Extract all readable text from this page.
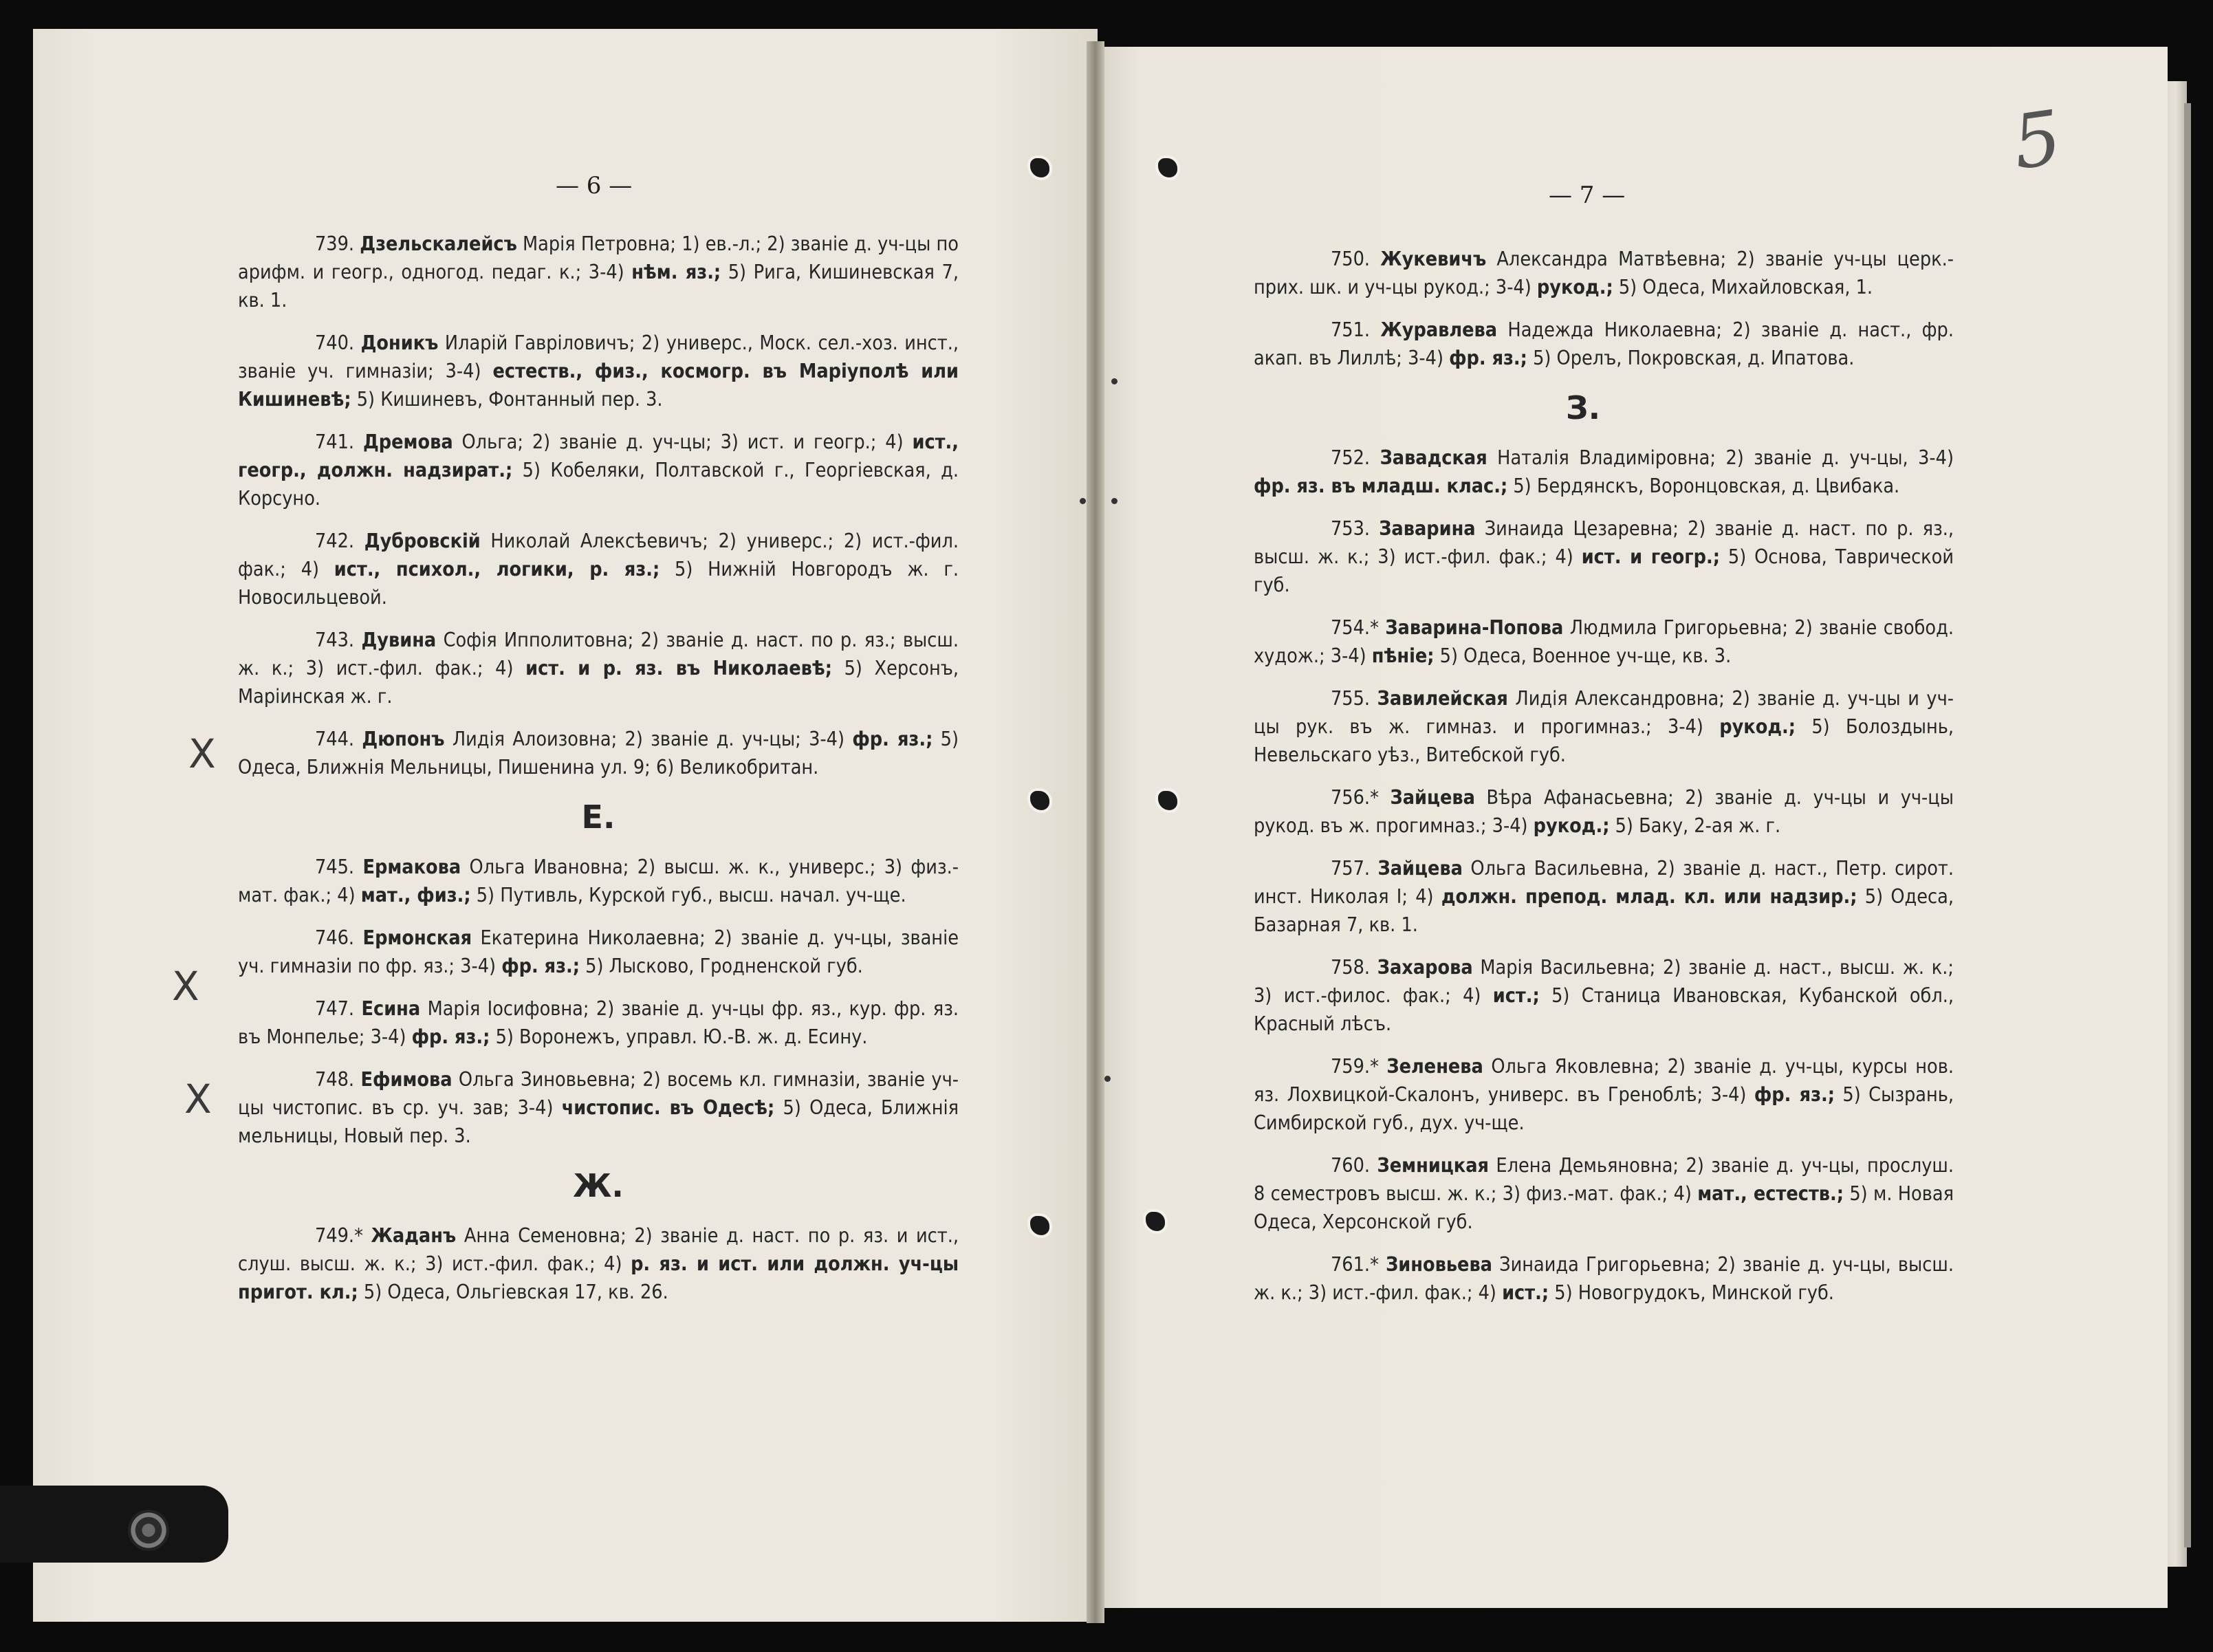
— 6 —
X
X
X
739. Дзельскалейсъ Марія Петровна; 1) ев.-л.; 2) званіе д. уч-цы по арифм. и геогр., одногод. педаг. к.; 3-4) нѣм. яз.; 5) Рига, Кишиневская 7, кв. 1.
740. Доникъ Иларій Гавріловичъ; 2) универс., Моск. сел.-хоз. инст., званіе уч. гимназіи; 3-4) естеств., физ., космогр. въ Маріуполѣ или Кишиневѣ; 5) Кишиневъ, Фонтанный пер. 3.
741. Дремова Ольга; 2) званіе д. уч-цы; 3) ист. и геогр.; 4) ист., геогр., должн. надзират.; 5) Кобеляки, Полтавской г., Георгіевская, д. Корсуно.
742. Дубровскій Николай Алексѣевичъ; 2) универс.; 2) ист.-фил. фак.; 4) ист., психол., логики, р. яз.; 5) Нижній Новгородъ ж. г. Новосильцевой.
743. Дувина Софія Ипполитовна; 2) званіе д. наст. по р. яз.; высш. ж. к.; 3) ист.-фил. фак.; 4) ист. и р. яз. въ Николаевѣ; 5) Херсонъ, Маріинская ж. г.
744. Дюпонъ Лидія Алоизовна; 2) званіе д. уч-цы; 3-4) фр. яз.; 5) Одеса, Ближнія Мельницы, Пишенина ул. 9; 6) Великобритан.
Е.
745. Ермакова Ольга Ивановна; 2) высш. ж. к., универс.; 3) физ.-мат. фак.; 4) мат., физ.; 5) Путивль, Курской губ., высш. начал. уч-ще.
746. Ермонская Екатерина Николаевна; 2) званіе д. уч-цы, званіе уч. гимназіи по фр. яз.; 3-4) фр. яз.; 5) Лысково, Гродненской губ.
747. Есина Марія Іосифовна; 2) званіе д. уч-цы фр. яз., кур. фр. яз. въ Монпелье; 3-4) фр. яз.; 5) Воронежъ, управл. Ю.-В. ж. д. Есину.
748. Ефимова Ольга Зиновьевна; 2) восемь кл. гимназіи, званіе уч-цы чистопис. въ ср. уч. зав; 3-4) чистопис. въ Одесѣ; 5) Одеса, Ближнія мельницы, Новый пер. 3.
Ж.
749.* Жаданъ Анна Семеновна; 2) званіе д. наст. по р. яз. и ист., слуш. высш. ж. к.; 3) ист.-фил. фак.; 4) р. яз. и ист. или должн. уч-цы пригот. кл.; 5) Одеса, Ольгіевская 17, кв. 26.
— 7 —
5
750. Жукевичъ Александра Матвѣевна; 2) званіе уч-цы церк.-прих. шк. и уч-цы рукод.; 3-4) рукод.; 5) Одеса, Михайловская, 1.
751. Журавлева Надежда Николаевна; 2) званіе д. наст., фр. акап. въ Лиллѣ; 3-4) фр. яз.; 5) Орелъ, Покровская, д. Ипатова.
З.
752. Завадская Наталія Владиміровна; 2) званіе д. уч-цы, 3-4) фр. яз. въ младш. клас.; 5) Бердянскъ, Воронцовская, д. Цвибака.
753. Заварина Зинаида Цезаревна; 2) званіе д. наст. по р. яз., высш. ж. к.; 3) ист.-фил. фак.; 4) ист. и геогр.; 5) Основа, Таврической губ.
754.* Заварина-Попова Людмила Григорьевна; 2) званіе свобод. худож.; 3-4) пѣніе; 5) Одеса, Военное уч-ще, кв. 3.
755. Завилейская Лидія Александровна; 2) званіе д. уч-цы и уч-цы рук. въ ж. гимназ. и прогимназ.; 3-4) рукод.; 5) Болоздынь, Невельскаго уѣз., Витебской губ.
756.* Зайцева Вѣра Афанасьевна; 2) званіе д. уч-цы и уч-цы рукод. въ ж. прогимназ.; 3-4) рукод.; 5) Баку, 2-ая ж. г.
757. Зайцева Ольга Васильевна, 2) званіе д. наст., Петр. сирот. инст. Николая I; 4) должн. препод. млад. кл. или надзир.; 5) Одеса, Базарная 7, кв. 1.
758. Захарова Марія Васильевна; 2) званіе д. наст., высш. ж. к.; 3) ист.-филос. фак.; 4) ист.; 5) Станица Ивановская, Кубанской обл., Красный лѣсъ.
759.* Зеленева Ольга Яковлевна; 2) званіе д. уч-цы, курсы нов. яз. Лохвицкой-Скалонъ, универс. въ Греноблѣ; 3-4) фр. яз.; 5) Сызрань, Симбирской губ., дух. уч-ще.
760. Земницкая Елена Демьяновна; 2) званіе д. уч-цы, прослуш. 8 семестровъ высш. ж. к.; 3) физ.-мат. фак.; 4) мат., естеств.; 5) м. Новая Одеса, Херсонской губ.
761.* Зиновьева Зинаида Григорьевна; 2) званіе д. уч-цы, высш. ж. к.; 3) ист.-фил. фак.; 4) ист.; 5) Новогрудокъ, Минской губ.
